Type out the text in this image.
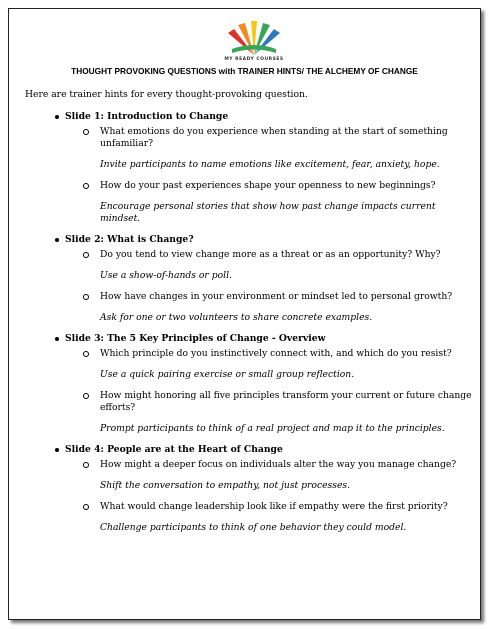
MY READY COURSES
THOUGHT PROVOKING QUESTIONS with TRAINER HINTS/ THE ALCHEMY OF CHANGE
Here are trainer hints for every thought-provoking question.
Slide 1: Introduction to Change
What emotions do you experience when standing at the start of something unfamiliar?
Invite participants to name emotions like excitement, fear, anxiety, hope.
How do your past experiences shape your openness to new beginnings?
Encourage personal stories that show how past change impacts current mindset.
Slide 2: What is Change?
Do you tend to view change more as a threat or as an opportunity? Why?
Use a show-of-hands or poll.
How have changes in your environment or mindset led to personal growth?
Ask for one or two volunteers to share concrete examples.
Slide 3: The 5 Key Principles of Change - Overview
Which principle do you instinctively connect with, and which do you resist?
Use a quick pairing exercise or small group reflection.
How might honoring all five principles transform your current or future change efforts?
Prompt participants to think of a real project and map it to the principles.
Slide 4: People are at the Heart of Change
How might a deeper focus on individuals alter the way you manage change?
Shift the conversation to empathy, not just processes.
What would change leadership look like if empathy were the first priority?
Challenge participants to think of one behavior they could model.
